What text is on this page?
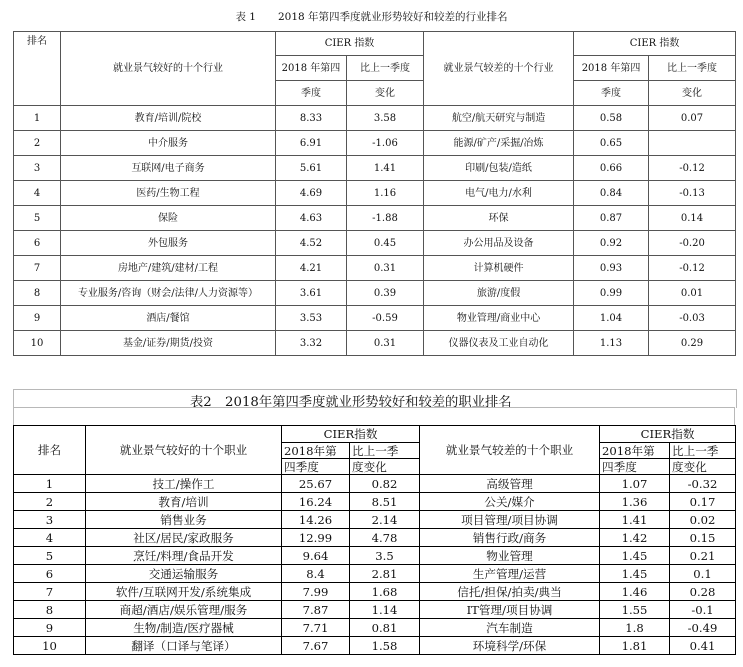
表 1 2018 年第四季度就业形势较好和较差的行业排名
排名	就业景气较好的十个行业	CIER 指数		就业景气较差的十个行业	CIER 指数	
		2018 年第四	比上一季度		2018 年第四	比上一季度
		季度	变化		季度	变化
1	教育/培训/院校	8.33	3.58	航空/航天研究与制造	0.58	0.07
2	中介服务	6.91	-1.06	能源/矿产/采掘/冶炼	0.65	
3	互联网/电子商务	5.61	1.41	印刷/包装/造纸	0.66	-0.12
4	医药/生物工程	4.69	1.16	电气/电力/水利	0.84	-0.13
5	保险	4.63	-1.88	环保	0.87	0.14
6	外包服务	4.52	0.45	办公用品及设备	0.92	-0.20
7	房地产/建筑/建材/工程	4.21	0.31	计算机硬件	0.93	-0.12
8	专业服务/咨询（财会/法律/人力资源等）	3.61	0.39	旅游/度假	0.99	0.01
9	酒店/餐馆	3.53	-0.59	物业管理/商业中心	1.04	-0.03
10	基金/证券/期货/投资	3.32	0.31	仪器仪表及工业自动化	1.13	0.29
表2　2018年第四季度就业形势较好和较差的职业排名
排名	就业景气较好的十个职业	CIER指数		就业景气较差的十个职业	CIER指数	
		2018年第	比上一季		2018年第	比上一季
		四季度	度变化		四季度	度变化
1	技工/操作工	25.67	0.82	高级管理	1.07	-0.32
2	教育/培训	16.24	8.51	公关/媒介	1.36	0.17
3	销售业务	14.26	2.14	项目管理/项目协调	1.41	0.02
4	社区/居民/家政服务	12.99	4.78	销售行政/商务	1.42	0.15
5	烹饪/料理/食品开发	9.64	3.5	物业管理	1.45	0.21
6	交通运输服务	8.4	2.81	生产管理/运营	1.45	0.1
7	软件/互联网开发/系统集成	7.99	1.68	信托/担保/拍卖/典当	1.46	0.28
8	商超/酒店/娱乐管理/服务	7.87	1.14	IT管理/项目协调	1.55	-0.1
9	生物/制造/医疗器械	7.71	0.81	汽车制造	1.8	-0.49
10	翻译（口译与笔译）	7.67	1.58	环境科学/环保	1.81	0.41
